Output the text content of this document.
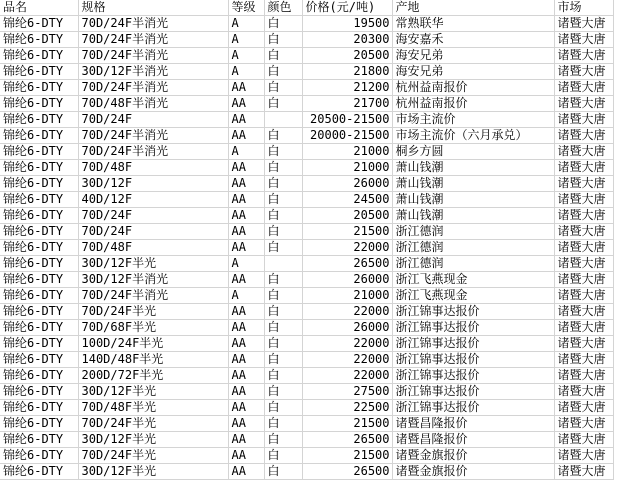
品名	规格	等级	颜色	价格(元/吨)	产地	市场
锦纶6-DTY	70D/24F半消光	A	白	19500	常熟联华	诸暨大唐
锦纶6-DTY	70D/24F半消光	A	白	20300	海安嘉禾	诸暨大唐
锦纶6-DTY	70D/24F半消光	A	白	20500	海安兄弟	诸暨大唐
锦纶6-DTY	30D/12F半消光	A	白	21800	海安兄弟	诸暨大唐
锦纶6-DTY	70D/24F半消光	AA	白	21200	杭州益南报价	诸暨大唐
锦纶6-DTY	70D/48F半消光	AA	白	21700	杭州益南报价	诸暨大唐
锦纶6-DTY	70D/24F	AA		20500-21500	市场主流价	诸暨大唐
锦纶6-DTY	70D/24F半消光	AA	白	20000-21500	市场主流价（六月承兑）	诸暨大唐
锦纶6-DTY	70D/24F半消光	A	白	21000	桐乡方圆	诸暨大唐
锦纶6-DTY	70D/48F	AA	白	21000	萧山钱潮	诸暨大唐
锦纶6-DTY	30D/12F	AA	白	26000	萧山钱潮	诸暨大唐
锦纶6-DTY	40D/12F	AA	白	24500	萧山钱潮	诸暨大唐
锦纶6-DTY	70D/24F	AA	白	20500	萧山钱潮	诸暨大唐
锦纶6-DTY	70D/24F	AA	白	21500	浙江德润	诸暨大唐
锦纶6-DTY	70D/48F	AA	白	22000	浙江德润	诸暨大唐
锦纶6-DTY	30D/12F半光	A		26500	浙江德润	诸暨大唐
锦纶6-DTY	30D/12F半消光	AA	白	26000	浙江飞燕现金	诸暨大唐
锦纶6-DTY	70D/24F半消光	A	白	21000	浙江飞燕现金	诸暨大唐
锦纶6-DTY	70D/24F半光	AA	白	22000	浙江锦事达报价	诸暨大唐
锦纶6-DTY	70D/68F半光	AA	白	26000	浙江锦事达报价	诸暨大唐
锦纶6-DTY	100D/24F半光	AA	白	22000	浙江锦事达报价	诸暨大唐
锦纶6-DTY	140D/48F半光	AA	白	22000	浙江锦事达报价	诸暨大唐
锦纶6-DTY	200D/72F半光	AA	白	22000	浙江锦事达报价	诸暨大唐
锦纶6-DTY	30D/12F半光	AA	白	27500	浙江锦事达报价	诸暨大唐
锦纶6-DTY	70D/48F半光	AA	白	22500	浙江锦事达报价	诸暨大唐
锦纶6-DTY	70D/24F半光	AA	白	21500	诸暨昌隆报价	诸暨大唐
锦纶6-DTY	30D/12F半光	AA	白	26500	诸暨昌隆报价	诸暨大唐
锦纶6-DTY	70D/24F半光	AA	白	21500	诸暨金旗报价	诸暨大唐
锦纶6-DTY	30D/12F半光	AA	白	26500	诸暨金旗报价	诸暨大唐
